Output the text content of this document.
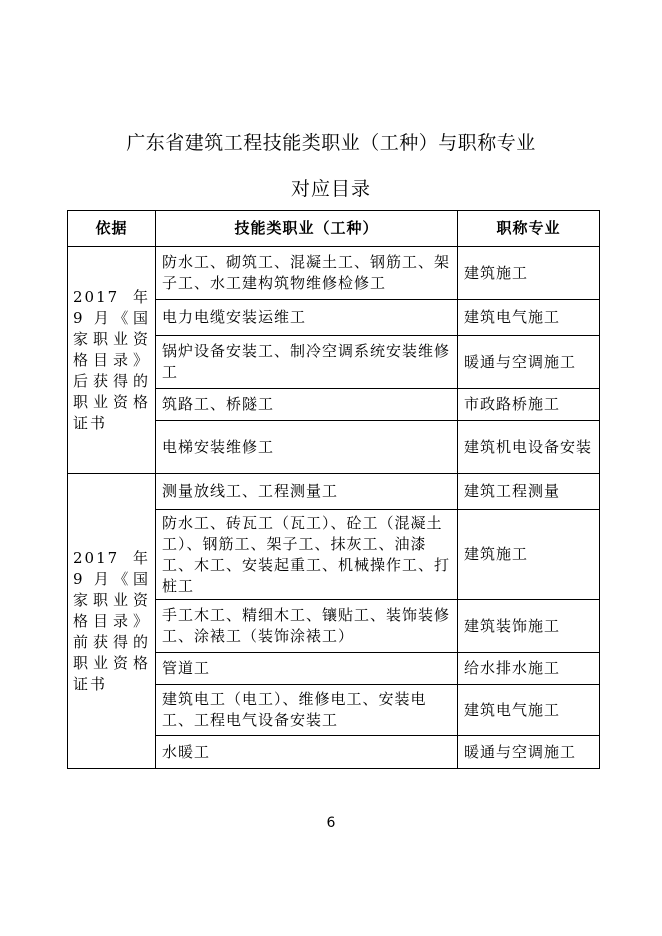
广东省建筑工程技能类职业（工种）与职称专业
对应目录
依据	技能类职业（工种）	职称专业
2017 年 9 月《国家职业资格目录》后获得的职业资格证书	防水工、砌筑工、混凝土工、钢筋工、架子工、水工建构筑物维修检修工	建筑施工
	电力电缆安装运维工	建筑电气施工
	锅炉设备安装工、制冷空调系统安装维修工	暖通与空调施工
	筑路工、桥隧工	市政路桥施工
	电梯安装维修工	建筑机电设备安装
2017 年 9 月《国家职业资格目录》前获得的职业资格证书	测量放线工、工程测量工	建筑工程测量
	防水工、砖瓦工（瓦工）、砼工（混凝土工）、钢筋工、架子工、抹灰工、油漆工、木工、安装起重工、机械操作工、打桩工	建筑施工
	手工木工、精细木工、镶贴工、装饰装修工、涂裱工（装饰涂裱工）	建筑装饰施工
	管道工	给水排水施工
	建筑电工（电工）、维修电工、安装电工、工程电气设备安装工	建筑电气施工
	水暖工	暖通与空调施工
6
